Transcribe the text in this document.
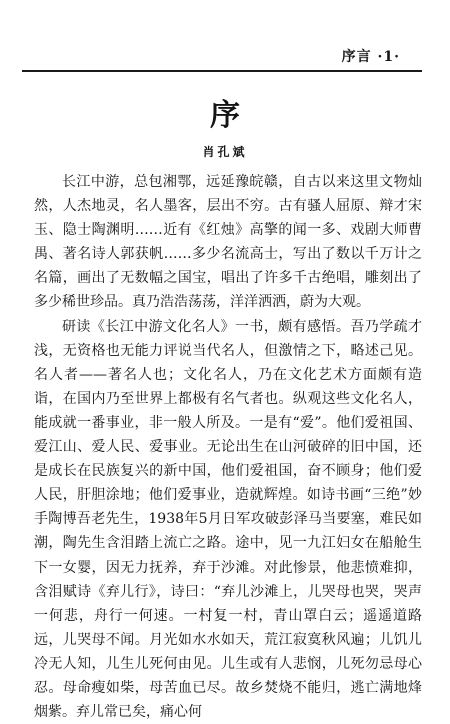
序言 ·1·
序
肖孔斌

长江中游，总包湘鄂，远延豫皖赣，自古以来这里文物灿然，人杰地灵，名人墨客，层出不穷。古有骚人屈原、辩才宋玉、隐士陶渊明……近有《红烛》高擎的闻一多、戏剧大师曹禺、著名诗人郭获帆……多少名流高士，写出了数以千万计之名篇，画出了无数幅之国宝，唱出了许多千古绝唱，雕刻出了多少稀世珍品。真乃浩浩荡荡，洋洋洒洒，蔚为大观。

研读《长江中游文化名人》一书，颇有感悟。吾乃学疏才浅，无资格也无能力评说当代名人，但激情之下，略述己见。名人者——著名人也；文化名人，乃在文化艺术方面颇有造诣，在国内乃至世界上都极有名气者也。纵观这些文化名人，能成就一番事业，非一般人所及。一是有“爱”。他们爱祖国、爱江山、爱人民、爱事业。无论出生在山河破碎的旧中国，还是成长在民族复兴的新中国，他们爱祖国，奋不顾身；他们爱人民，肝胆涂地；他们爱事业，造就辉煌。如诗书画“三绝”妙手陶博吾老先生，1938年5月日军攻破彭泽马当要塞，难民如潮，陶先生含泪踏上流亡之路。途中，见一九江妇女在船舱生下一女婴，因无力抚养，弃于沙滩。对此惨景，他悲愤难抑，含泪赋诗《弃儿行》，诗曰：“弃儿沙滩上，儿哭母也哭，哭声一何悲，舟行一何速。一村复一村，青山罩白云；遥遥道路远，儿哭母不闻。月光如水水如天，荒江寂寞秋风遍；儿饥儿冷无人知，儿生儿死何由见。儿生或有人悲悯，儿死勿忌母心忍。母命瘦如柴，母苦血已尽。故乡焚烧不能归，逃亡满地烽烟紫。弃儿常已矣，痛心何
